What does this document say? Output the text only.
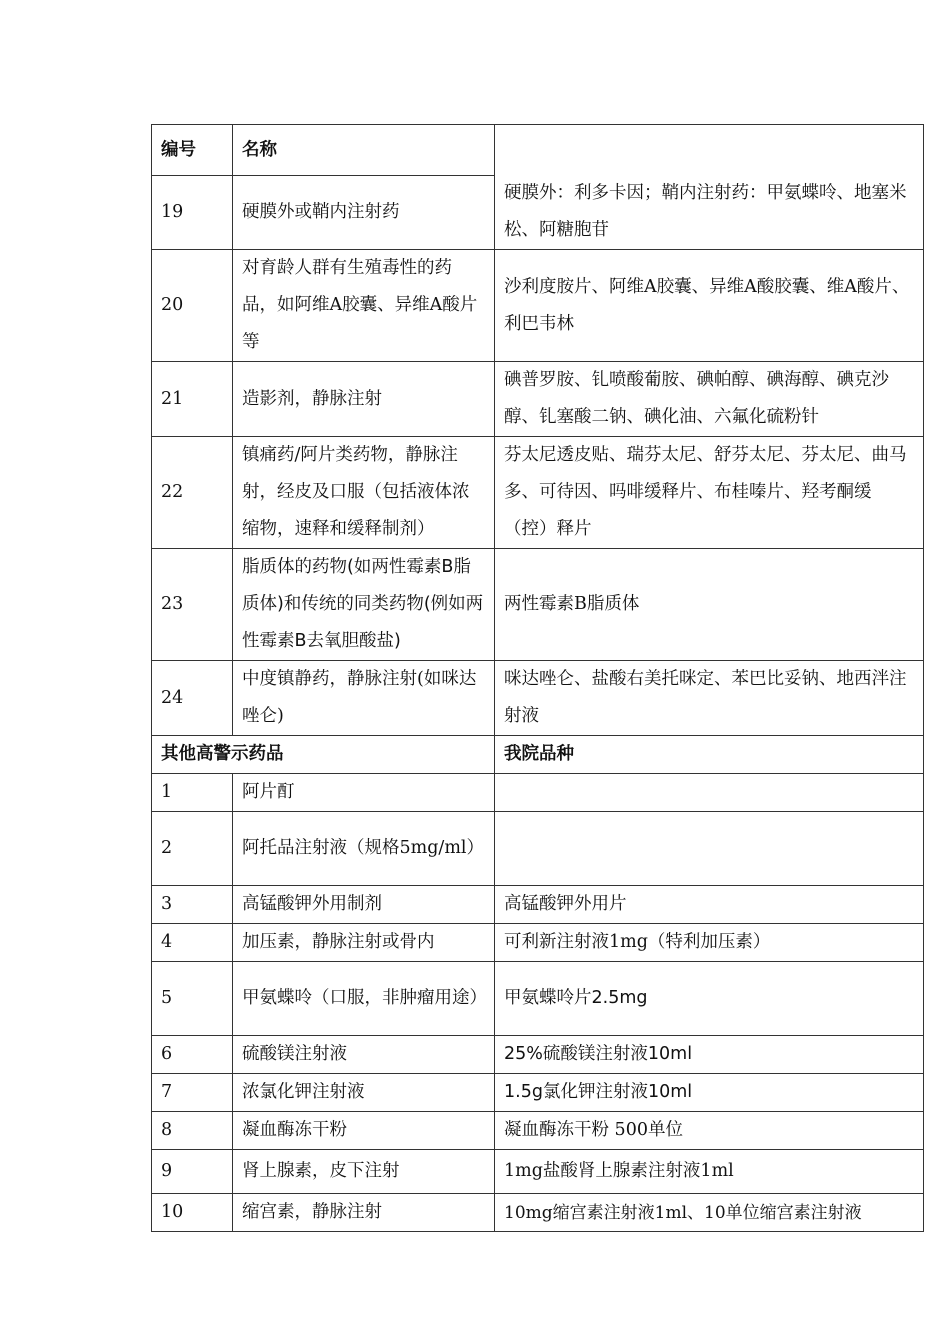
编号	名称	硬膜外：利多卡因；鞘内注射药：甲氨蝶呤、地塞米松、阿糖胞苷
19	硬膜外或鞘内注射药	
20	对育龄人群有生殖毒性的药品，如阿维A胶囊、异维A酸片等	沙利度胺片、阿维A胶囊、异维A酸胶囊、维A酸片、利巴韦林
21	造影剂，静脉注射	碘普罗胺、钆喷酸葡胺、碘帕醇、碘海醇、碘克沙醇、钆塞酸二钠、碘化油、六氟化硫粉针
22	镇痛药/阿片类药物，静脉注射，经皮及口服（包括液体浓缩物，速释和缓释制剂）	芬太尼透皮贴、瑞芬太尼、舒芬太尼、芬太尼、曲马多、可待因、吗啡缓释片、布桂嗪片、羟考酮缓（控）释片
23	脂质体的药物(如两性霉素B脂质体)和传统的同类药物(例如两性霉素B去氧胆酸盐)	两性霉素B脂质体
24	中度镇静药，静脉注射(如咪达唑仑)	咪达唑仑、盐酸右美托咪定、苯巴比妥钠、地西泮注射液
其他高警示药品		我院品种
1	阿片酊	
2	阿托品注射液（规格5mg/ml）	
3	高锰酸钾外用制剂	高锰酸钾外用片
4	加压素，静脉注射或骨内	可利新注射液1mg（特利加压素）
5	甲氨蝶呤（口服，非肿瘤用途）	甲氨蝶呤片2.5mg
6	硫酸镁注射液	25%硫酸镁注射液10ml
7	浓氯化钾注射液	1.5g氯化钾注射液10ml
8	凝血酶冻干粉	凝血酶冻干粉 500单位
9	肾上腺素，皮下注射	1mg盐酸肾上腺素注射液1ml
10	缩宫素，静脉注射	10mg缩宫素注射液1ml、10单位缩宫素注射液
